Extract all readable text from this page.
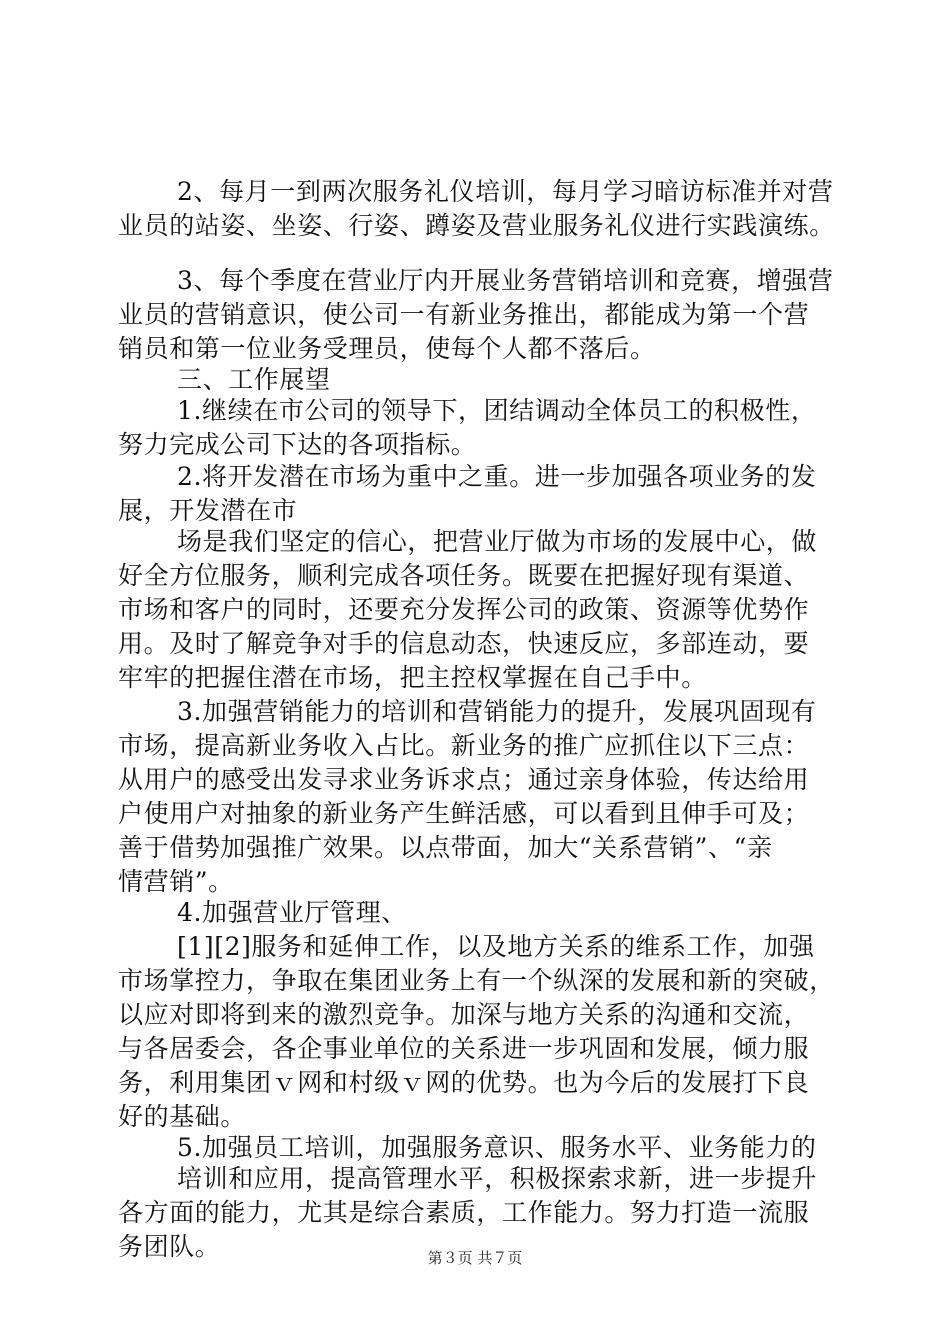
2、每月一到两次服务礼仪培训，每月学习暗访标准并对营
业员的站姿、坐姿、行姿、蹲姿及营业服务礼仪进行实践演练。
3、每个季度在营业厅内开展业务营销培训和竞赛，增强营
业员的营销意识，使公司一有新业务推出，都能成为第一个营
销员和第一位业务受理员，使每个人都不落后。
三、工作展望
1.继续在市公司的领导下，团结调动全体员工的积极性，
努力完成公司下达的各项指标。
2.将开发潜在市场为重中之重。进一步加强各项业务的发
展，开发潜在市
场是我们坚定的信心，把营业厅做为市场的发展中心，做
好全方位服务，顺利完成各项任务。既要在把握好现有渠道、
市场和客户的同时，还要充分发挥公司的政策、资源等优势作
用。及时了解竞争对手的信息动态，快速反应，多部连动，要
牢牢的把握住潜在市场，把主控权掌握在自己手中。
3.加强营销能力的培训和营销能力的提升，发展巩固现有
市场，提高新业务收入占比。新业务的推广应抓住以下三点：
从用户的感受出发寻求业务诉求点；通过亲身体验，传达给用
户使用户对抽象的新业务产生鲜活感，可以看到且伸手可及；
善于借势加强推广效果。以点带面，加大“关系营销”、“亲
情营销”。
4.加强营业厅管理、
[1][2]服务和延伸工作，以及地方关系的维系工作，加强
市场掌控力，争取在集团业务上有一个纵深的发展和新的突破，
以应对即将到来的激烈竞争。加深与地方关系的沟通和交流，
与各居委会，各企事业单位的关系进一步巩固和发展，倾力服
务，利用集团ｖ网和村级ｖ网的优势。也为今后的发展打下良
好的基础。
5.加强员工培训，加强服务意识、服务水平、业务能力的
培训和应用，提高管理水平，积极探索求新，进一步提升
各方面的能力，尤其是综合素质，工作能力。努力打造一流服
务团队。	第３页 共７页
